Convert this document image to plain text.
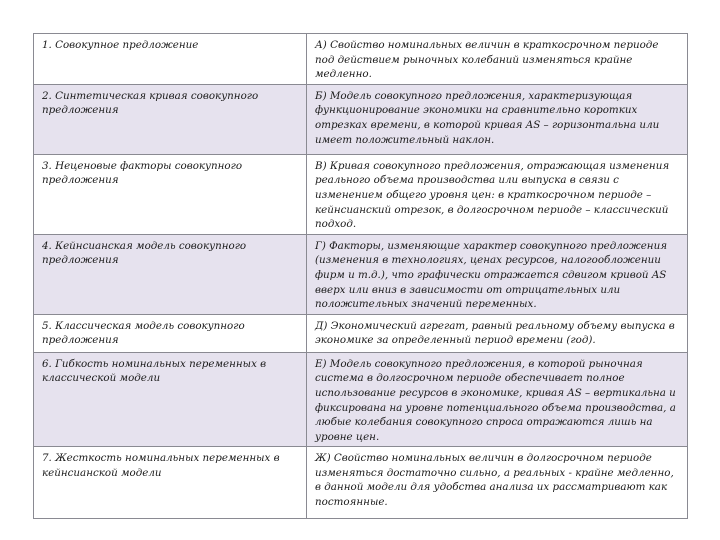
1. Совокупное предложение	А) Свойство номинальных величин в краткосрочном периоде под действием рыночных колебаний изменяться крайне медленно.
2. Синтетическая кривая совокупного предложения	Б) Модель совокупного предложения, характеризующая функционирование экономики на сравнительно коротких отрезках времени, в которой кривая AS – горизонтальна или имеет положительный наклон.
3. Неценовые факторы совокупного предложения	В) Кривая совокупного предложения, отражающая изменения реального объема производства или выпуска в связи с изменением общего уровня цен: в краткосрочном периоде – кейнсианский отрезок, в долгосрочном периоде – классический подход.
4. Кейнсианская модель совокупного предложения	Г) Факторы, изменяющие характер совокупного предложения (изменения в технологиях, ценах ресурсов, налогообложении фирм и т.д.), что графически отражается сдвигом кривой AS вверх или вниз в зависимости от отрицательных или положительных значений переменных.
5. Классическая модель совокупного предложения	Д) Экономический агрегат, равный реальному объему выпуска в экономике за определенный период времени (год).
6. Гибкость номинальных переменных в классической модели	Е) Модель совокупного предложения, в которой рыночная система в долгосрочном периоде обеспечивает полное использование ресурсов в экономике, кривая AS – вертикальна и фиксирована на уровне потенциального объема производства, а любые колебания совокупного спроса отражаются лишь на уровне цен.
7. Жесткость номинальных переменных в кейнсианской модели	Ж) Свойство номинальных величин в долгосрочном периоде изменяться достаточно сильно, а реальных - крайне медленно, в данной модели для удобства анализа их рассматривают как постоянные.
